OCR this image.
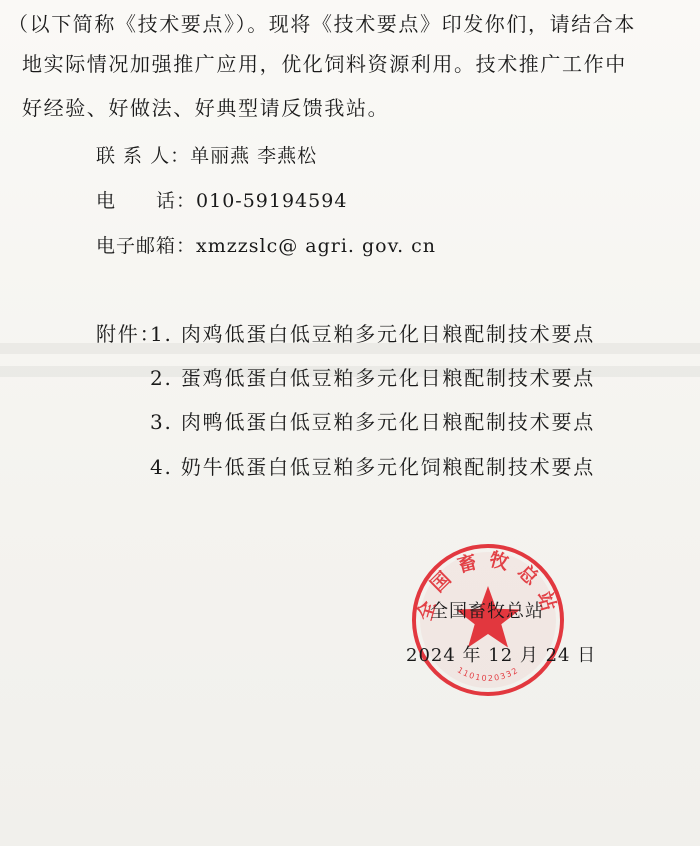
（以下简称《技术要点》）。现将《技术要点》印发你们，请结合本
地实际情况加强推广应用，优化饲料资源利用。技术推广工作中
好经验、好做法、好典型请反馈我站。
联 系 人：单丽燕 李燕松
电　　话：010-59194594
电子邮箱：xmzzslc@ agri. gov. cn
附件：
1. 肉鸡低蛋白低豆粕多元化日粮配制技术要点
2. 蛋鸡低蛋白低豆粕多元化日粮配制技术要点
3. 肉鸭低蛋白低豆粕多元化日粮配制技术要点
4. 奶牛低蛋白低豆粕多元化饲粮配制技术要点
全国畜牧总站
1101020332
全国畜牧总站
2024 年 12 月 24 日
